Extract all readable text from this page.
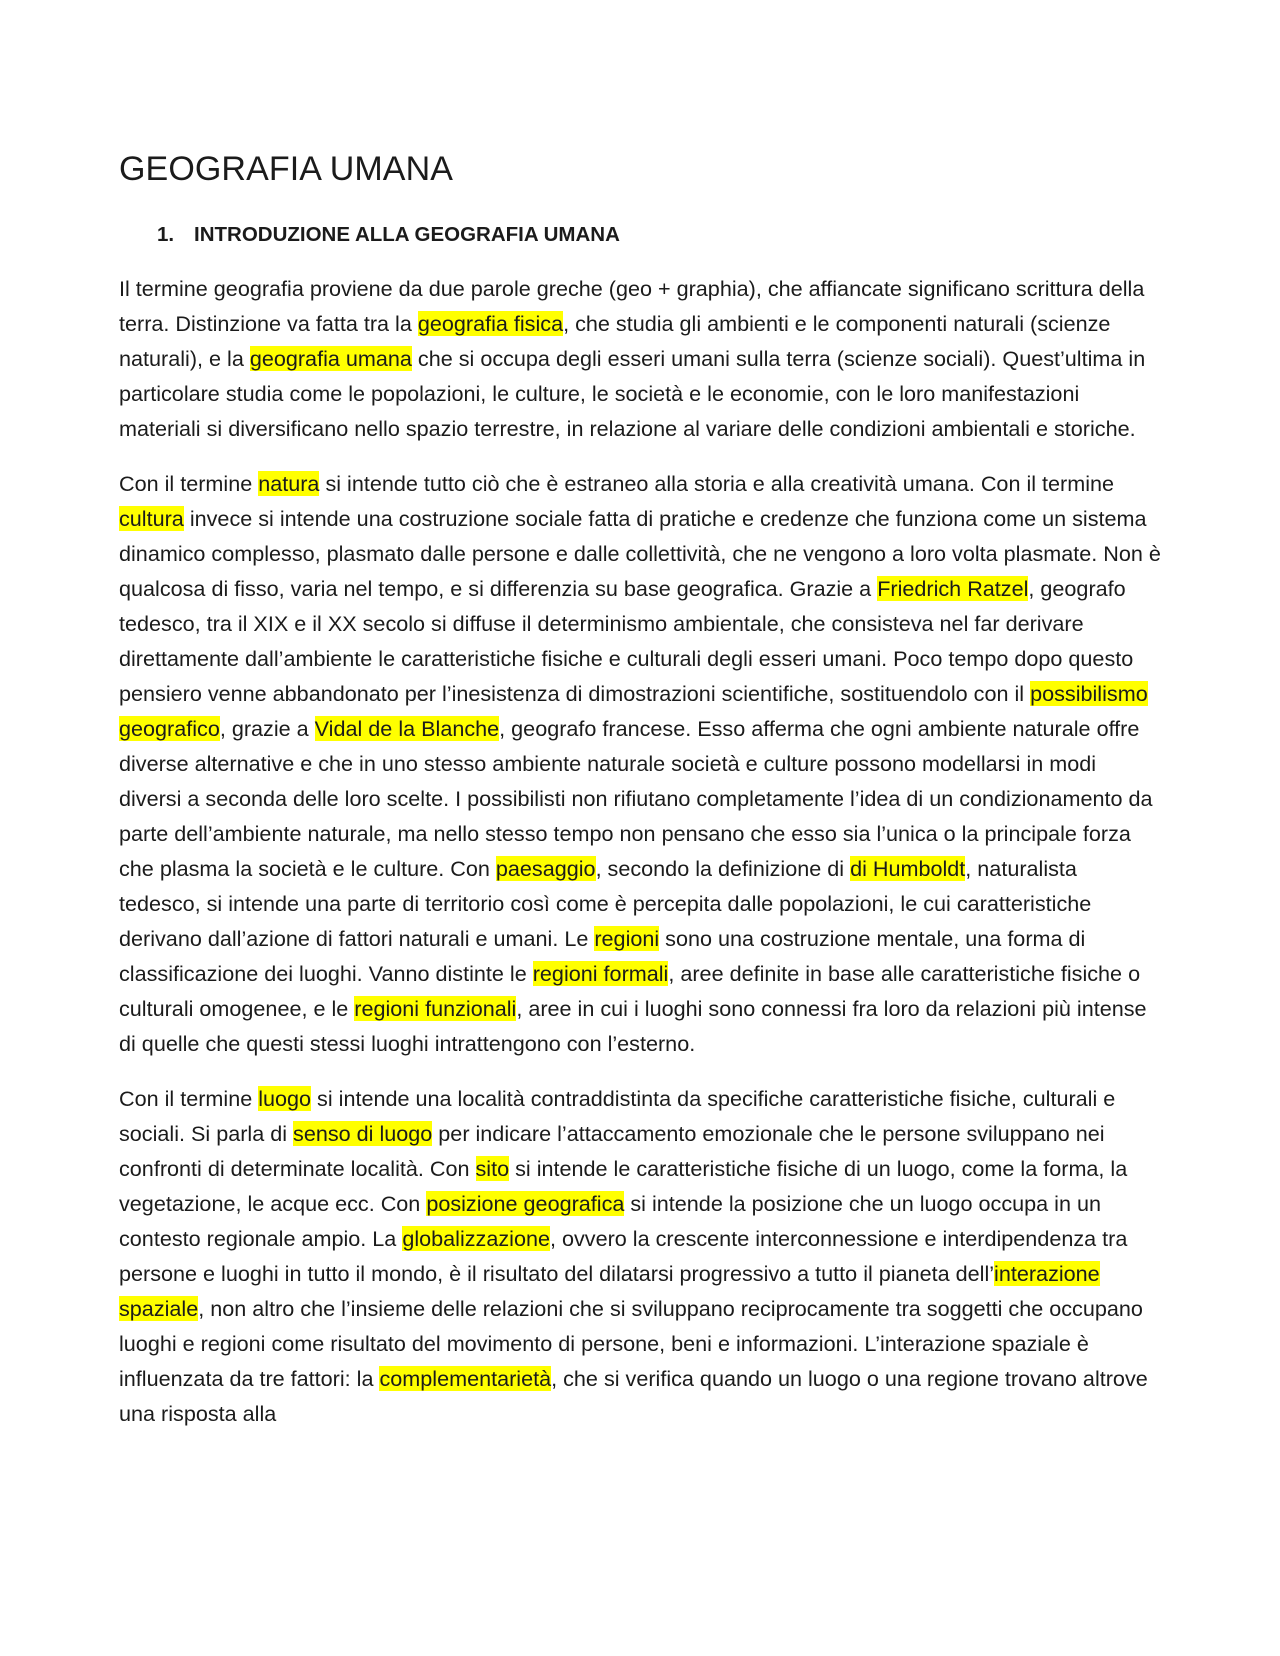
GEOGRAFIA UMANA
1. INTRODUZIONE ALLA GEOGRAFIA UMANA

Il termine geografia proviene da due parole greche (geo + graphia), che affiancate significano scrittura della terra. Distinzione va fatta tra la geografia fisica, che studia gli ambienti e le componenti naturali (scienze naturali), e la geografia umana che si occupa degli esseri umani sulla terra (scienze sociali). Quest’ultima in particolare studia come le popolazioni, le culture, le società e le economie, con le loro manifestazioni materiali si diversificano nello spazio terrestre, in relazione al variare delle condizioni ambientali e storiche.

Con il termine natura si intende tutto ciò che è estraneo alla storia e alla creatività umana. Con il termine cultura invece si intende una costruzione sociale fatta di pratiche e credenze che funziona come un sistema dinamico complesso, plasmato dalle persone e dalle collettività, che ne vengono a loro volta plasmate. Non è qualcosa di fisso, varia nel tempo, e si differenzia su base geografica. Grazie a Friedrich Ratzel, geografo tedesco, tra il XIX e il XX secolo si diffuse il determinismo ambientale, che consisteva nel far derivare direttamente dall’ambiente le caratteristiche fisiche e culturali degli esseri umani. Poco tempo dopo questo pensiero venne abbandonato per l’inesistenza di dimostrazioni scientifiche, sostituendolo con il possibilismo geografico, grazie a Vidal de la Blanche, geografo francese. Esso afferma che ogni ambiente naturale offre diverse alternative e che in uno stesso ambiente naturale società e culture possono modellarsi in modi diversi a seconda delle loro scelte. I possibilisti non rifiutano completamente l’idea di un condizionamento da parte dell’ambiente naturale, ma nello stesso tempo non pensano che esso sia l’unica o la principale forza che plasma la società e le culture. Con paesaggio, secondo la definizione di di Humboldt, naturalista tedesco, si intende una parte di territorio così come è percepita dalle popolazioni, le cui caratteristiche derivano dall’azione di fattori naturali e umani. Le regioni sono una costruzione mentale, una forma di classificazione dei luoghi. Vanno distinte le regioni formali, aree definite in base alle caratteristiche fisiche o culturali omogenee, e le regioni funzionali, aree in cui i luoghi sono connessi fra loro da relazioni più intense di quelle che questi stessi luoghi intrattengono con l’esterno.

Con il termine luogo si intende una località contraddistinta da specifiche caratteristiche fisiche, culturali e sociali. Si parla di senso di luogo per indicare l’attaccamento emozionale che le persone sviluppano nei confronti di determinate località. Con sito si intende le caratteristiche fisiche di un luogo, come la forma, la vegetazione, le acque ecc. Con posizione geografica si intende la posizione che un luogo occupa in un contesto regionale ampio. La globalizzazione, ovvero la crescente interconnessione e interdipendenza tra persone e luoghi in tutto il mondo, è il risultato del dilatarsi progressivo a tutto il pianeta dell’interazione spaziale, non altro che l’insieme delle relazioni che si sviluppano reciprocamente tra soggetti che occupano luoghi e regioni come risultato del movimento di persone, beni e informazioni. L’interazione spaziale è influenzata da tre fattori: la complementarietà, che si verifica quando un luogo o una regione trovano altrove una risposta alla
